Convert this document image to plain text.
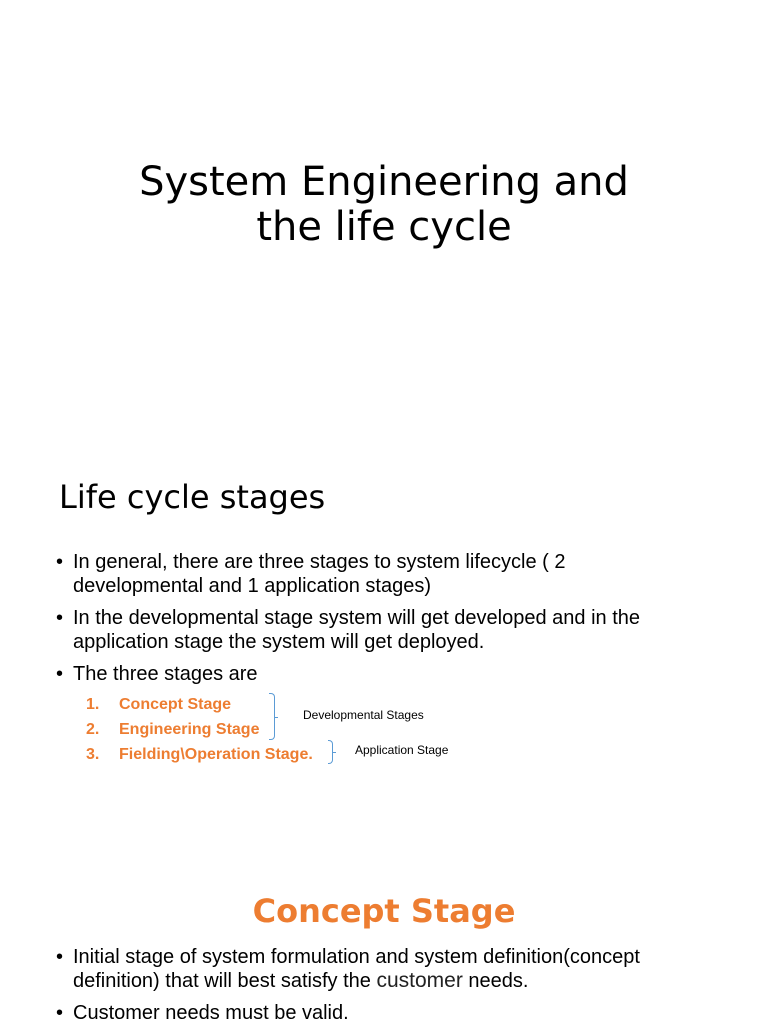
System Engineering and
the life cycle
Life cycle stages
• In general, there are three stages to system lifecycle ( 2 developmental and 1 application stages)
• In the developmental stage system will get developed and in the application stage the system will get deployed.
• The three stages are
1.	Concept Stage
2.	Engineering Stage
3.	Fielding\Operation Stage.
Developmental Stages
Application Stage
Concept Stage
• Initial stage of system formulation and system definition(concept definition) that will best satisfy the customer needs.
• Customer needs must be valid.
